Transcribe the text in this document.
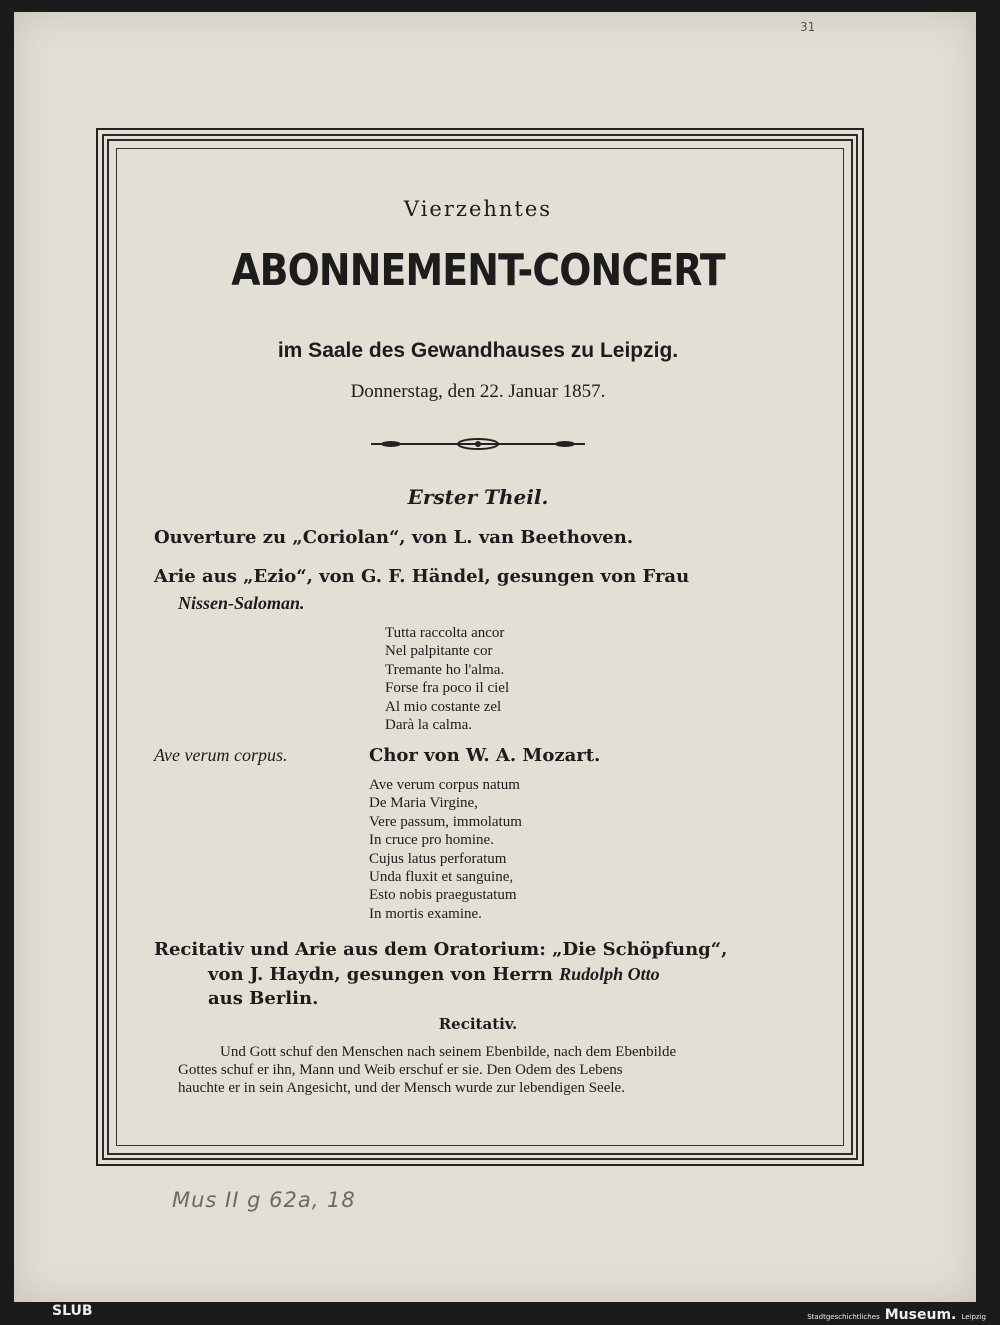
31
Vierzehntes
ABONNEMENT-CONCERT
im Saale des Gewandhauses zu Leipzig.
Donnerstag, den 22. Januar 1857.
Erster Theil.
Ouverture zu „Coriolan“, von L. van Beethoven.
Arie aus „Ezio“, von G. F. Händel, gesungen von Frau
Nissen-Saloman.
Tutta raccolta ancor
Nel palpitante cor
Tremante ho l'alma.
Forse fra poco il ciel
Al mio costante zel
Darà la calma.
Ave verum corpus.	Chor von W. A. Mozart.
Ave verum corpus natum
De Maria Virgine,
Vere passum, immolatum
In cruce pro homine.
Cujus latus perforatum
Unda fluxit et sanguine,
Esto nobis praegustatum
In mortis examine.
Recitativ und Arie aus dem Oratorium: „Die Schöpfung“,
von J. Haydn, gesungen von Herrn Rudolph Otto
aus Berlin.
Recitativ.
Und Gott schuf den Menschen nach seinem Ebenbilde, nach dem Ebenbilde
Gottes schuf er ihn, Mann und Weib erschuf er sie. Den Odem des Lebens
hauchte er in sein Angesicht, und der Mensch wurde zur lebendigen Seele.
Mus II g 62a, 18
SLUB	Stadtgeschichtliches Museum. Leipzig
